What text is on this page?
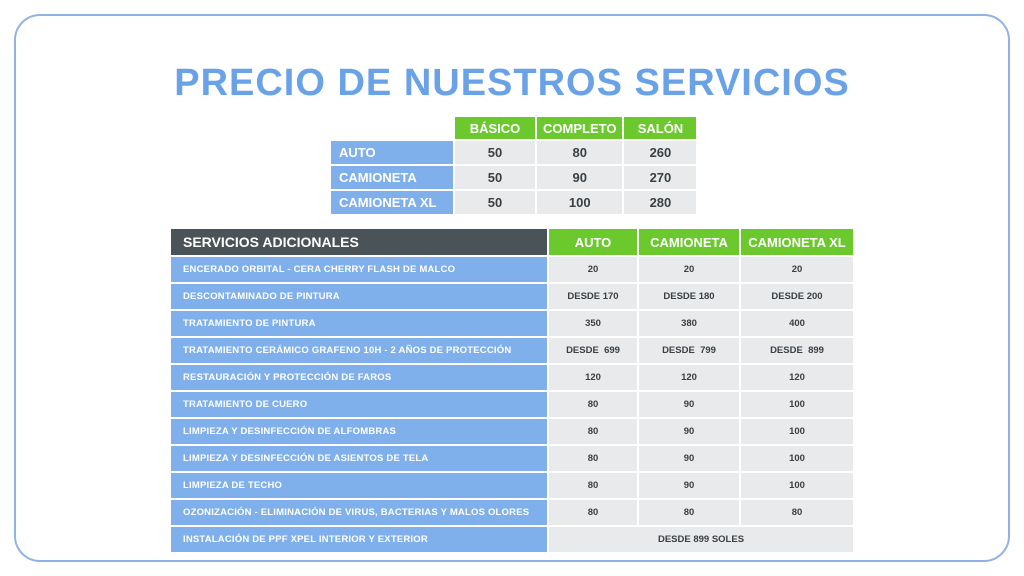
PRECIO DE NUESTROS SERVICIOS
	BÁSICO	COMPLETO	SALÓN
AUTO	50	80	260
CAMIONETA	50	90	270
CAMIONETA XL	50	100	280
SERVICIOS ADICIONALES	AUTO	CAMIONETA	CAMIONETA XL
ENCERADO ORBITAL - CERA CHERRY FLASH DE MALCO	20	20	20
DESCONTAMINADO DE PINTURA	DESDE 170	DESDE 180	DESDE 200
TRATAMIENTO DE PINTURA	350	380	400
TRATAMIENTO CERÁMICO GRAFENO 10H - 2 AÑOS DE PROTECCIÓN	DESDE  699	DESDE  799	DESDE  899
RESTAURACIÓN Y PROTECCIÓN DE FAROS	120	120	120
TRATAMIENTO DE CUERO	80	90	100
LIMPIEZA Y DESINFECCIÓN DE ALFOMBRAS	80	90	100
LIMPIEZA Y DESINFECCIÓN DE ASIENTOS DE TELA	80	90	100
LIMPIEZA DE TECHO	80	90	100
OZONIZACIÓN - ELIMINACIÓN DE VIRUS, BACTERIAS Y MALOS OLORES	80	80	80
INSTALACIÓN DE PPF XPEL INTERIOR Y EXTERIOR	DESDE 899 SOLES		
